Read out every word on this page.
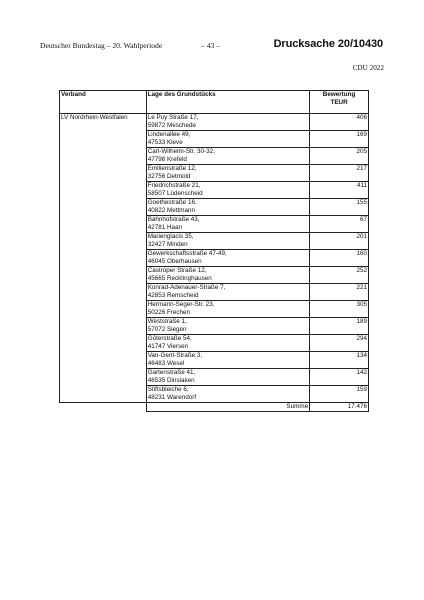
Deutscher Bundestag – 20. Wahlperiode	– 43 –	Drucksache 20/10430
CDU 2022
Verband	Lage des Grundstücks	Bewertung
TEUR
LV Nordrhein-Westfalen	Le Puy Straße 17,
59872 Meschede	406

	Lindenallee 49,
47533 Kleve	169

	Carl-Wilhelm-Str. 30-32,
47798 Krefeld	205

	Emilienstraße 12,
32756 Detmold	217

	Friedrichstraße 21,
58507 Lüdenscheid	411

	Goethestraße 16,
40822 Mettmann	155

	Bahnhofstraße 43,
42781 Haan	67

	Marienglacis 35,
32427 Minden	201

	Gewerkschaftsstraße 47-49,
46045 Oberhausen	160

	Castroper Straße 12,
45665 Recklinghausen	252

	Konrad-Adenauer-Straße 7,
42853 Remscheid	221

	Hermann-Seger-Str. 23,
50226 Frechen	305

	Weststraße 1,
57072 Siegen	189

	Gōterstraße 54,
41747 Viersen	294

	Van-Gent-Straße 3,
46483 Wesel	134

	Gartenstraße 41,
46535 Dinslaken	142

	Stiftsbleiche 6,
48231 Warendorf	159
	Summe	17.476
